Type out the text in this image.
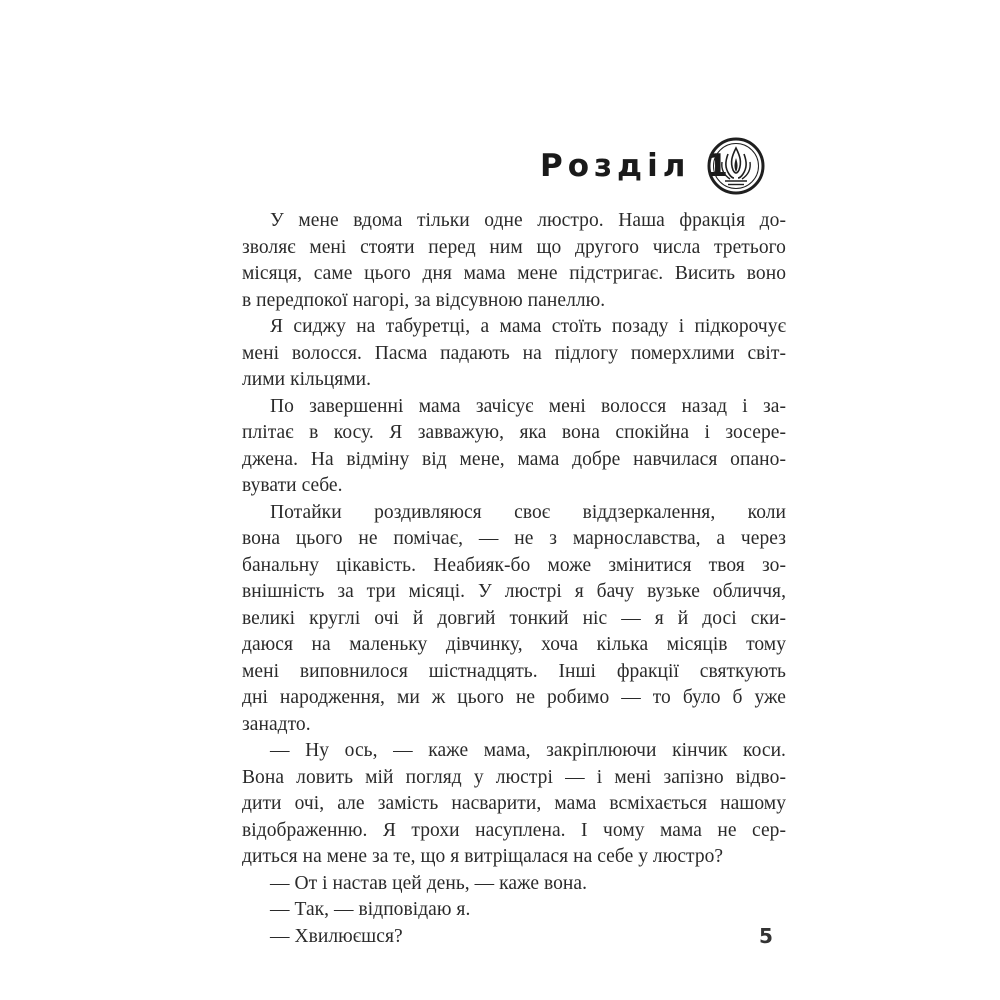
Розділ 1
У мене вдома тільки одне люстро. Наша фракція до-
зволяє мені стояти перед ним що другого числа третього
місяця, саме цього дня мама мене підстригає. Висить воно
в передпокої нагорі, за відсувною панеллю.
Я сиджу на табуретці, а мама стоїть позаду і підкорочує
мені волосся. Пасма падають на підлогу померхлими світ-
лими кільцями.
По завершенні мама зачісує мені волосся назад і за-
плітає в косу. Я завважую, яка вона спокійна і зосере-
джена. На відміну від мене, мама добре навчилася опано-
вувати себе.
Потайки роздивляюся своє віддзеркалення, коли
вона цього не помічає, — не з марнославства, а через
банальну цікавість. Неабияк-бо може змінитися твоя зо-
внішність за три місяці. У люстрі я бачу вузьке обличчя,
великі круглі очі й довгий тонкий ніс — я й досі ски-
даюся на маленьку дівчинку, хоча кілька місяців тому
мені виповнилося шістнадцять. Інші фракції святкують
дні народження, ми ж цього не робимо — то було б уже
занадто.
— Ну ось, — каже мама, закріплюючи кінчик коси.
Вона ловить мій погляд у люстрі — і мені запізно відво-
дити очі, але замість насварити, мама всміхається нашому
відображенню. Я трохи насуплена. І чому мама не сер-
диться на мене за те, що я витріщалася на себе у люстро?
— От і настав цей день, — каже вона.
— Так, — відповідаю я.
— Хвилюєшся?	5
